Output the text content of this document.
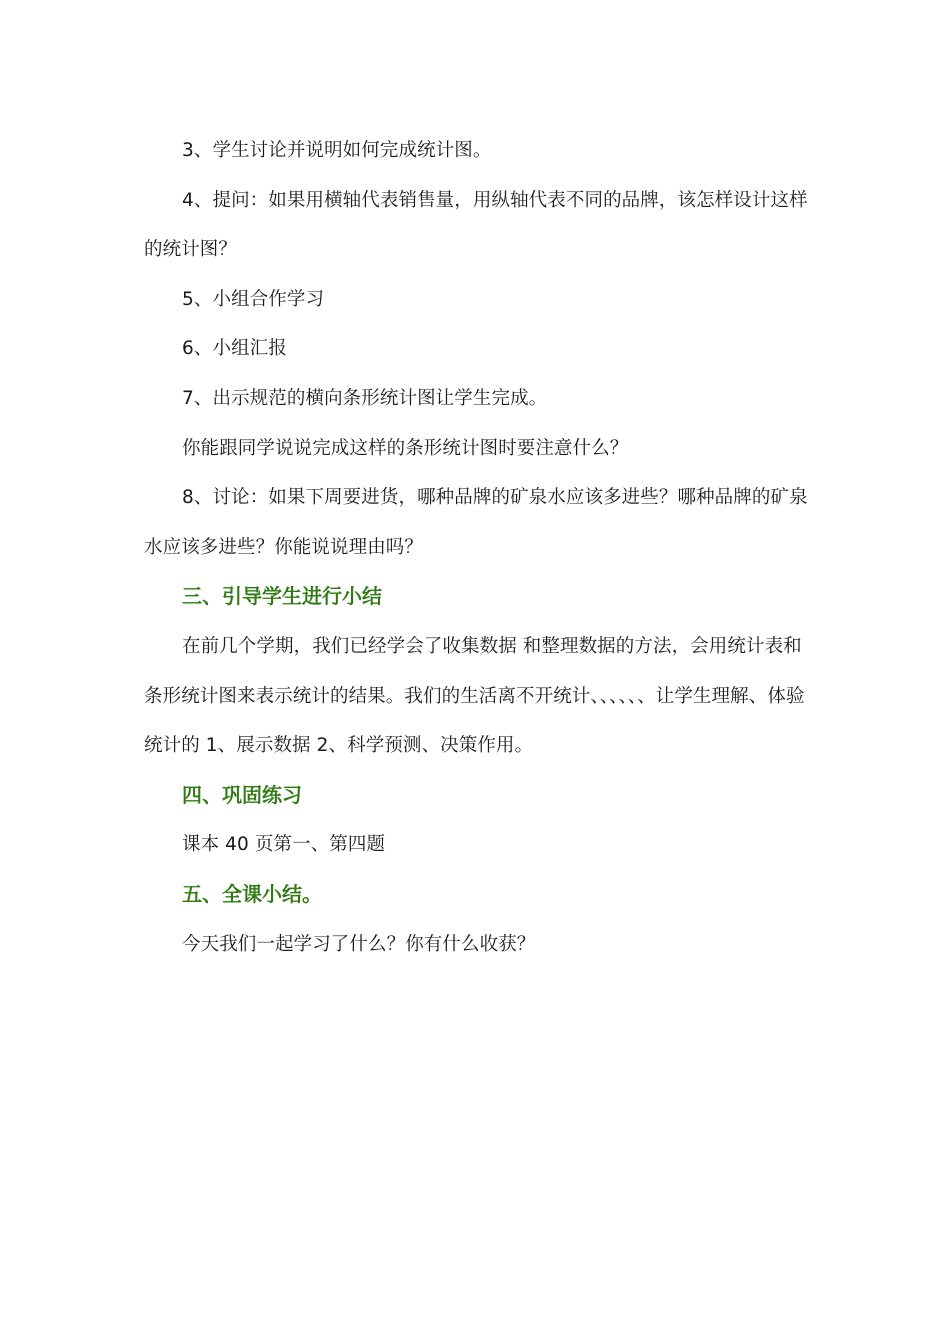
3、学生讨论并说明如何完成统计图。

4、提问：如果用横轴代表销售量，用纵轴代表不同的品牌，该怎样设计这样的统计图？

5、小组合作学习

6、小组汇报

7、出示规范的横向条形统计图让学生完成。

你能跟同学说说完成这样的条形统计图时要注意什么？

8、讨论：如果下周要进货，哪种品牌的矿泉水应该多进些？哪种品牌的矿泉水应该多进些？你能说说理由吗？

三、引导学生进行小结

在前几个学期，我们已经学会了收集数据 和整理数据的方法，会用统计表和条形统计图来表示统计的结果。我们的生活离不开统计、、、、、、让学生理解、体验统计的 1、展示数据 2、科学预测、决策作用。

四、巩固练习

课本 40 页第一、第四题

五、全课小结。

今天我们一起学习了什么？你有什么收获？
